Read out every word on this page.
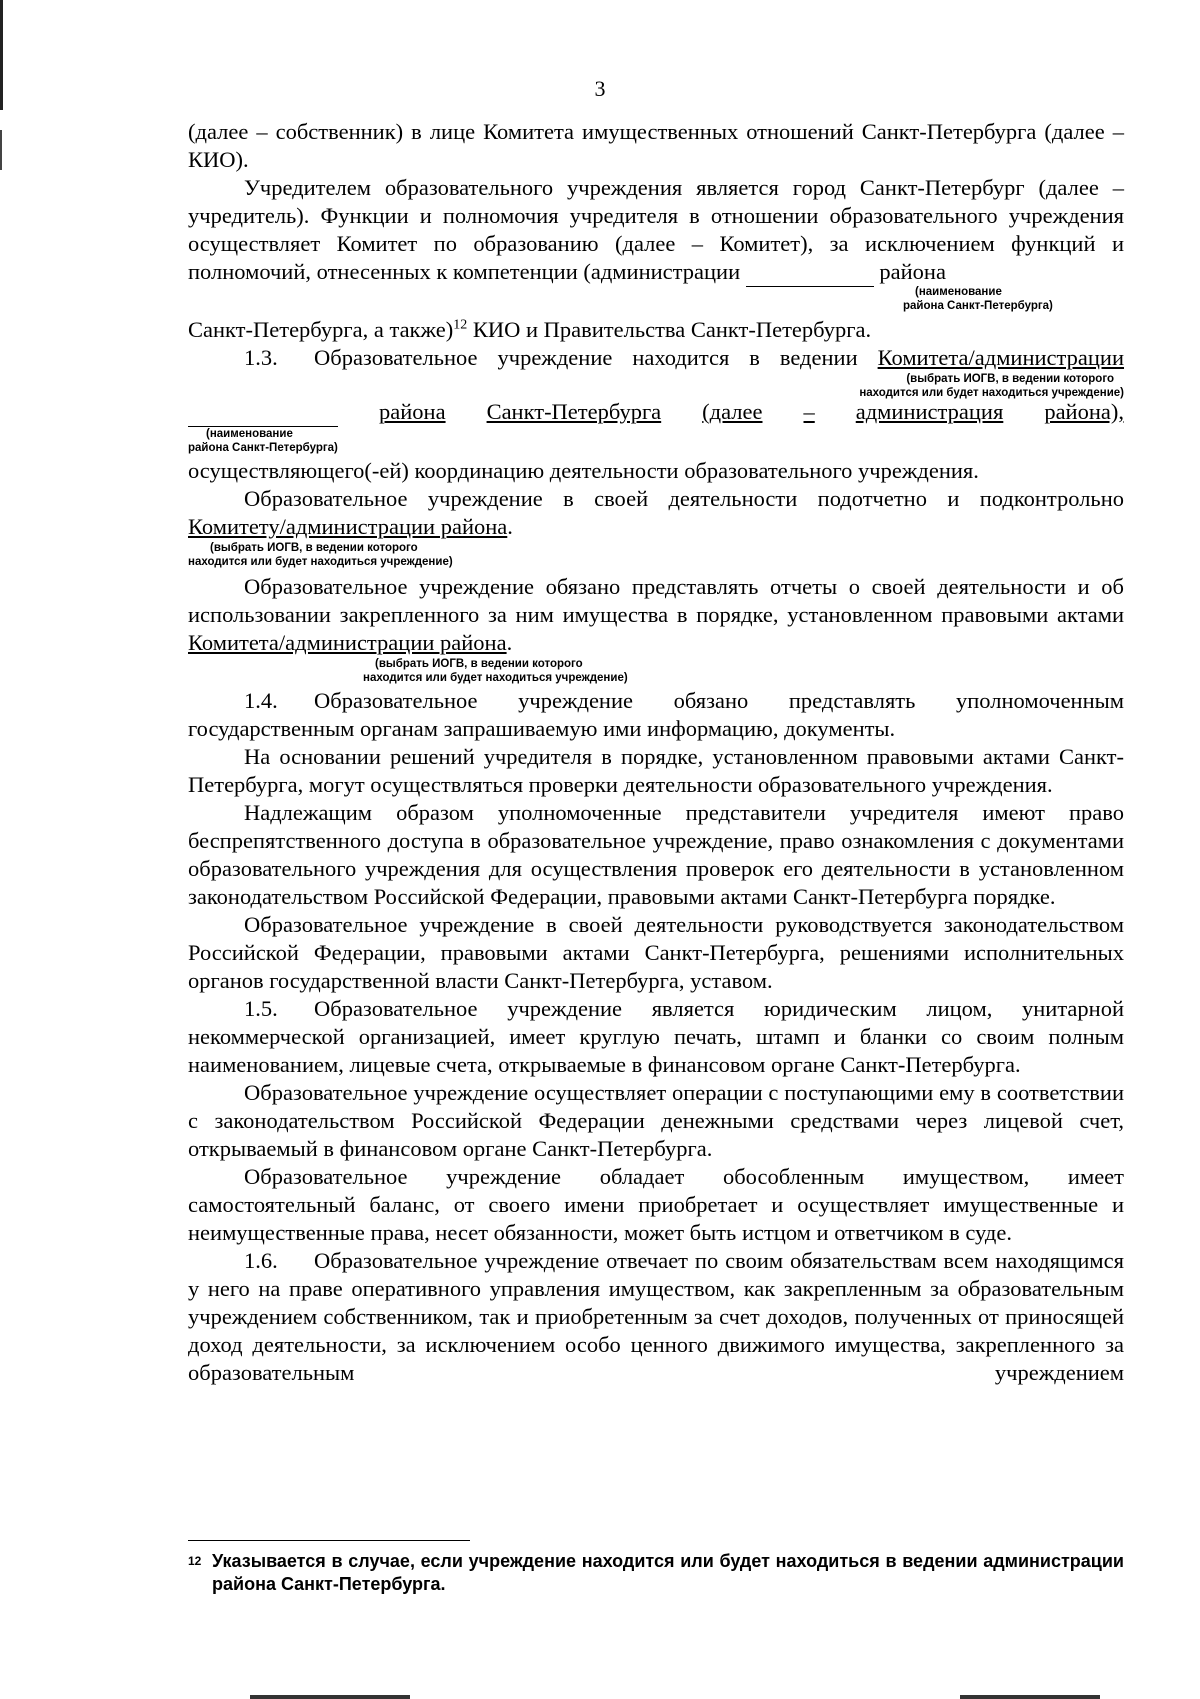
3

(далее – собственник) в лице Комитета имущественных отношений Санкт-Петербурга (далее – КИО).

Учредителем образовательного учреждения является город Санкт-Петербург (далее – учредитель). Функции и полномочия учредителя в отношении образовательного учреждения осуществляет Комитет по образованию (далее – Комитет), за исключением функций и полномочий, отнесенных к компетенции (администрации	района

(наименование
района Санкт-Петербурга)

Санкт-Петербурга, а также)$^{12}$ КИО и Правительства Санкт-Петербурга.

1.3. Образовательное учреждение находится в ведении Комитета/администрации

(выбрать ИОГВ, в ведении которого
находится или будет находиться учреждение)

района Санкт-Петербурга (далее – администрация района),
(наименование
района Санкт-Петербурга)

осуществляющего(-ей) координацию деятельности образовательного учреждения.

Образовательное учреждение в своей деятельности подотчетно и подконтрольно Комитету/администрации района.

(выбрать ИОГВ, в ведении которого
находится или будет находиться учреждение)

Образовательное учреждение обязано представлять отчеты о своей деятельности и об использовании закрепленного за ним имущества в порядке, установленном правовыми актами Комитета/администрации района.

(выбрать ИОГВ, в ведении которого
находится или будет находиться учреждение)

1.4. Образовательное учреждение обязано представлять уполномоченным государственным органам запрашиваемую ими информацию, документы.

На основании решений учредителя в порядке, установленном правовыми актами Санкт-Петербурга, могут осуществляться проверки деятельности образовательного учреждения.

Надлежащим образом уполномоченные представители учредителя имеют право беспрепятственного доступа в образовательное учреждение, право ознакомления с документами образовательного учреждения для осуществления проверок его деятельности в установленном законодательством Российской Федерации, правовыми актами Санкт-Петербурга порядке.

Образовательное учреждение в своей деятельности руководствуется законодательством Российской Федерации, правовыми актами Санкт-Петербурга, решениями исполнительных органов государственной власти Санкт-Петербурга, уставом.

1.5. Образовательное учреждение является юридическим лицом, унитарной некоммерческой организацией, имеет круглую печать, штамп и бланки со своим полным наименованием, лицевые счета, открываемые в финансовом органе Санкт-Петербурга.

Образовательное учреждение осуществляет операции с поступающими ему в соответствии с законодательством Российской Федерации денежными средствами через лицевой счет, открываемый в финансовом органе Санкт-Петербурга.

Образовательное учреждение обладает обособленным имуществом, имеет самостоятельный баланс, от своего имени приобретает и осуществляет имущественные и неимущественные права, несет обязанности, может быть истцом и ответчиком в суде.

1.6. Образовательное учреждение отвечает по своим обязательствам всем находящимся у него на праве оперативного управления имуществом, как закрепленным за образовательным учреждением собственником, так и приобретенным за счет доходов, полученных от приносящей доход деятельности, за исключением особо ценного движимого имущества, закрепленного за образовательным учреждением

12 Указывается в случае, если учреждение находится или будет находиться в ведении администрации района Санкт-Петербурга.
